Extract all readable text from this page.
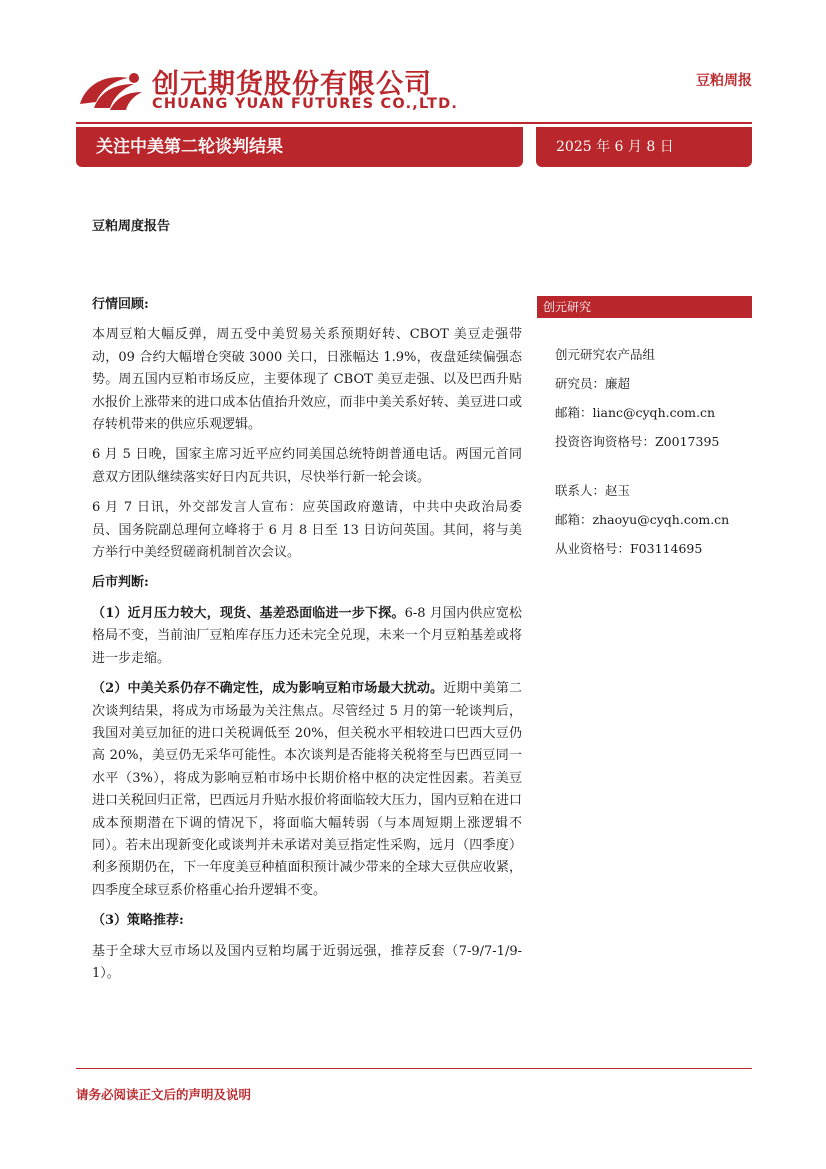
创元期货股份有限公司
CHUANG YUAN FUTURES CO.,LTD.
豆粕周报
关注中美第二轮谈判结果	2025 年 6 月 8 日
豆粕周度报告

行情回顾:

本周豆粕大幅反弹，周五受中美贸易关系预期好转、CBOT 美豆走强带动，09 合约大幅增仓突破 3000 关口，日涨幅达 1.9%，夜盘延续偏强态势。周五国内豆粕市场反应，主要体现了 CBOT 美豆走强、以及巴西升贴水报价上涨带来的进口成本估值抬升效应，而非中美关系好转、美豆进口或存转机带来的供应乐观逻辑。

6 月 5 日晚，国家主席习近平应约同美国总统特朗普通电话。两国元首同意双方团队继续落实好日内瓦共识，尽快举行新一轮会谈。

6 月 7 日讯，外交部发言人宣布：应英国政府邀请，中共中央政治局委员、国务院副总理何立峰将于 6 月 8 日至 13 日访问英国。其间，将与美方举行中美经贸磋商机制首次会议。

后市判断:

（1）近月压力较大，现货、基差恐面临进一步下探。6-8 月国内供应宽松格局不变，当前油厂豆粕库存压力还未完全兑现，未来一个月豆粕基差或将进一步走缩。

（2）中美关系仍存不确定性，成为影响豆粕市场最大扰动。近期中美第二次谈判结果，将成为市场最为关注焦点。尽管经过 5 月的第一轮谈判后，我国对美豆加征的进口关税调低至 20%，但关税水平相较进口巴西大豆仍高 20%，美豆仍无采华可能性。本次谈判是否能将关税将至与巴西豆同一水平（3%），将成为影响豆粕市场中长期价格中枢的决定性因素。若美豆进口关税回归正常，巴西远月升贴水报价将面临较大压力，国内豆粕在进口成本预期潜在下调的情况下，将面临大幅转弱（与本周短期上涨逻辑不同）。若未出现新变化或谈判并未承诺对美豆指定性采购，远月（四季度）利多预期仍在，下一年度美豆种植面积预计减少带来的全球大豆供应收紧，四季度全球豆系价格重心抬升逻辑不变。

（3）策略推荐:

基于全球大豆市场以及国内豆粕均属于近弱远强，推荐反套（7-9/7-1/9-1）。

创元研究
创元研究农产品组
研究员：廉超
邮箱：lianc@cyqh.com.cn
投资咨询资格号：Z0017395
联系人：赵玉
邮箱：zhaoyu@cyqh.com.cn
从业资格号：F03114695
请务必阅读正文后的声明及说明
